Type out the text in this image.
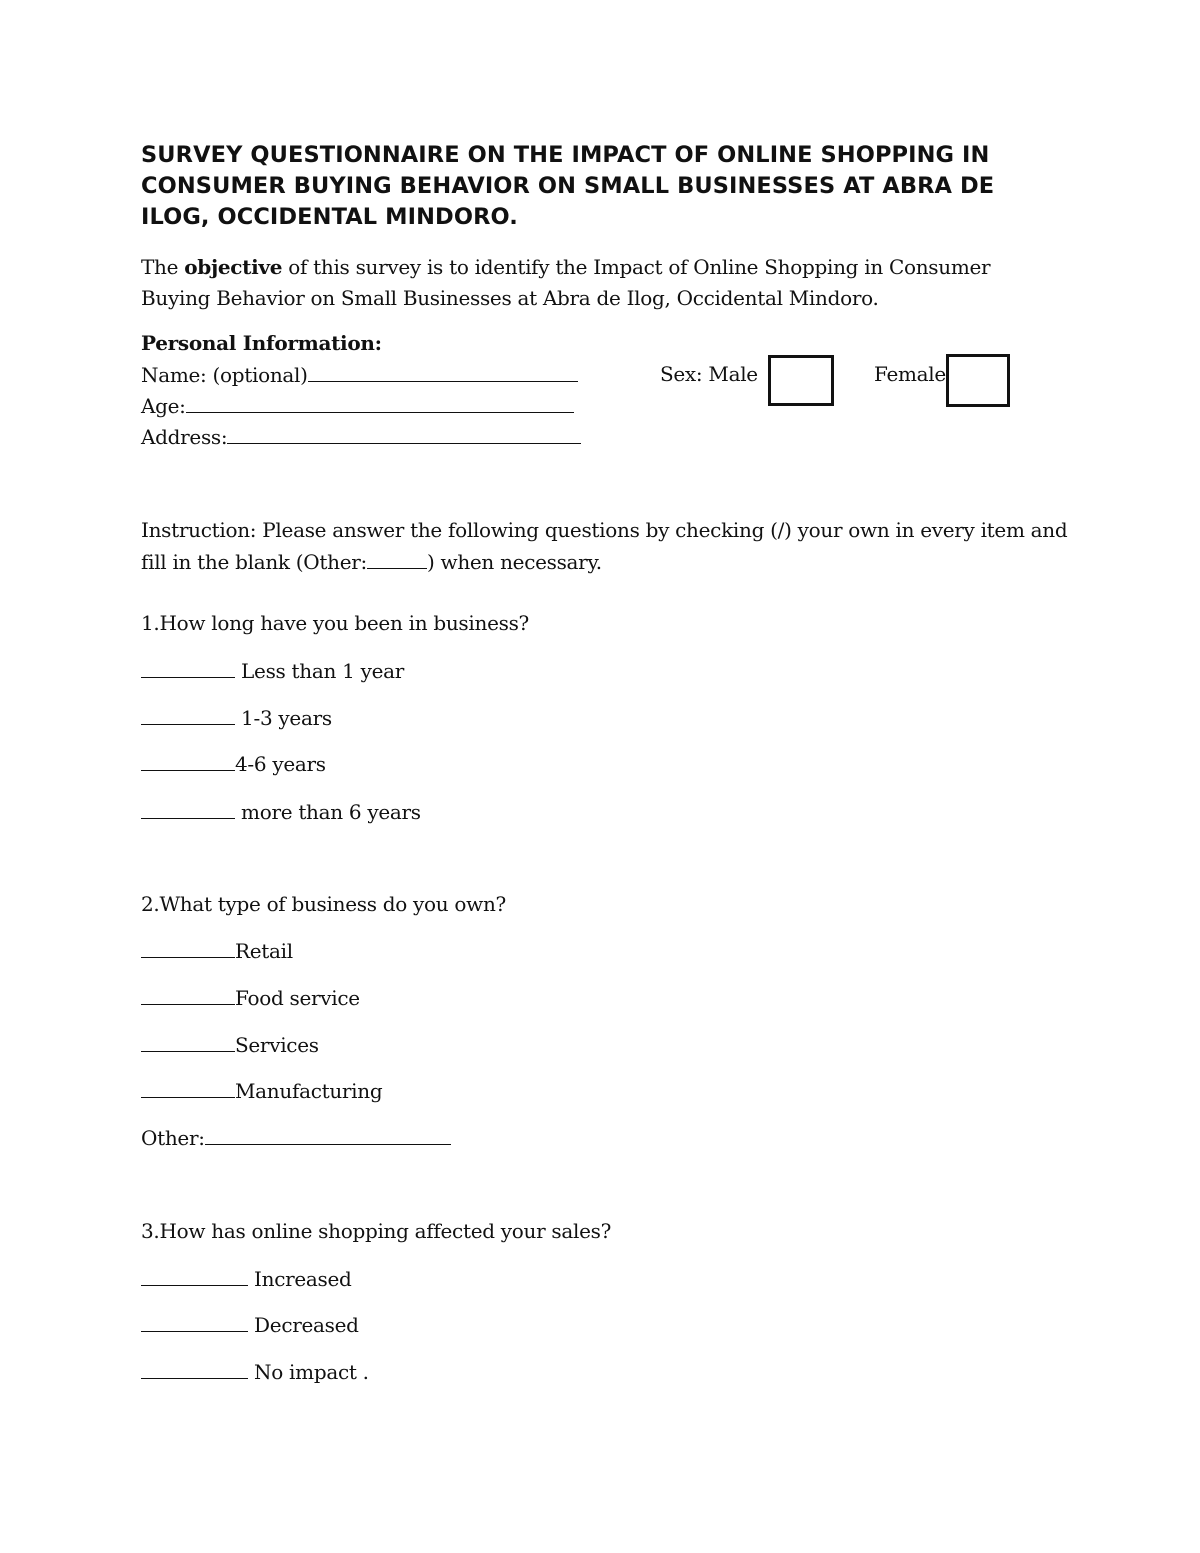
SURVEY QUESTIONNAIRE ON THE IMPACT OF ONLINE SHOPPING IN CONSUMER BUYING BEHAVIOR ON SMALL BUSINESSES AT ABRA DE ILOG, OCCIDENTAL MINDORO.
The objective of this survey is to identify the Impact of Online Shopping in Consumer Buying Behavior on Small Businesses at Abra de Ilog, Occidental Mindoro.
Personal Information:
Name: (optional)
Age:
Address:
Sex: Male	Female
Instruction: Please answer the following questions by checking (/) your own in every item and
fill in the blank (Other:	) when necessary.
1.How long have you been in business?
Less than 1 year
1-3 years
4-6 years
more than 6 years
2.What type of business do you own?
Retail
Food service
Services
Manufacturing
Other:
3.How has online shopping affected your sales?
Increased
Decreased
No impact .
